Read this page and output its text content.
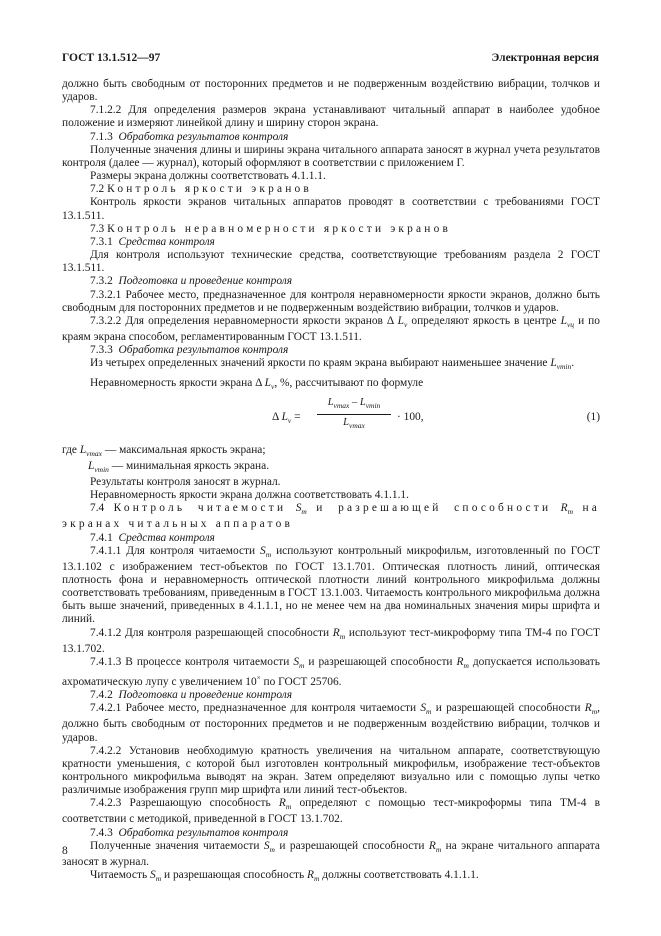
ГОСТ 13.1.512—97	Электронная версия

должно быть свободным от посторонних предметов и не подверженным воздействию вибрации, толчков и ударов.

7.1.2.2 Для определения размеров экрана устанавливают читальный аппарат в наиболее удобное положение и измеряют линейкой длину и ширину сторон экрана.

7.1.3 Обработка результатов контроля

Полученные значения длины и ширины экрана читального аппарата заносят в журнал учета результатов контроля (далее — журнал), который оформляют в соответствии с приложением Г.

Размеры экрана должны соответствовать 4.1.1.1.

7.2 Контроль яркости экранов

Контроль яркости экранов читальных аппаратов проводят в соответствии с требованиями ГОСТ 13.1.511.

7.3 Контроль неравномерности яркости экранов

7.3.1 Средства контроля

Для контроля используют технические средства, соответствующие требованиям раздела 2 ГОСТ 13.1.511.

7.3.2 Подготовка и проведение контроля

7.3.2.1 Рабочее место, предназначенное для контроля неравномерности яркости экранов, должно быть свободным для посторонних предметов и не подверженным воздействию вибрации, толчков и ударов.

7.3.2.2 Для определения неравномерности яркости экранов Δ $L_v$ определяют яркость в центре $L_{vц}$ и по краям экрана способом, регламентированным ГОСТ 13.1.511.

7.3.3 Обработка результатов контроля

Из четырех определенных значений яркости по краям экрана выбирают наименьшее значение $L_{vmin}$.

Неравномерность яркости экрана Δ $L_v$, %, рассчитывают по формуле

Δ $L_v$ =
$L_{vmax} - L_{vmin}$
$L_{vmax}$
· 100,	(1)

где $L_{vmax}$ — максимальная яркость экрана;

$L_{vmin}$ — минимальная яркость экрана.

Результаты контроля заносят в журнал.

Неравномерность яркости экрана должна соответствовать 4.1.1.1.

7.4 Контроль читаемости $S_m$ и разрешающей способности $R_m$ на экранах читальных аппаратов

7.4.1 Средства контроля

7.4.1.1 Для контроля читаемости $S_m$ используют контрольный микрофильм, изготовленный по ГОСТ 13.1.102 с изображением тест-объектов по ГОСТ 13.1.701. Оптическая плотность линий, оптическая плотность фона и неравномерность оптической плотности линий контрольного микрофильма должны соответствовать требованиям, приведенным в ГОСТ 13.1.003. Читаемость контрольного микрофильма должна быть выше значений, приведенных в 4.1.1.1, но не менее чем на два номинальных значения миры шрифта и линий.

7.4.1.2 Для контроля разрешающей способности $R_m$ используют тест-микроформу типа ТМ-4 по ГОСТ 13.1.702.

7.4.1.3 В процессе контроля читаемости $S_m$ и разрешающей способности $R_m$ допускается использовать ахроматическую лупу с увеличением 10× по ГОСТ 25706.

7.4.2 Подготовка и проведение контроля

7.4.2.1 Рабочее место, предназначенное для контроля читаемости $S_m$ и разрешающей способности $R_m$, должно быть свободным от посторонних предметов и не подверженным воздействию вибрации, толчков и ударов.

7.4.2.2 Установив необходимую кратность увеличения на читальном аппарате, соответствующую кратности уменьшения, с которой был изготовлен контрольный микрофильм, изображение тест-объектов контрольного микрофильма выводят на экран. Затем определяют визуально или с помощью лупы четко различимые изображения групп мир шрифта или линий тест-объектов.

7.4.2.3 Разрешающую способность $R_m$ определяют с помощью тест-микроформы типа ТМ-4 в соответствии с методикой, приведенной в ГОСТ 13.1.702.

7.4.3 Обработка результатов контроля

Полученные значения читаемости $S_m$ и разрешающей способности $R_m$ на экране читального аппарата заносят в журнал.

Читаемость $S_m$ и разрешающая способность $R_m$ должны соответствовать 4.1.1.1.

8
